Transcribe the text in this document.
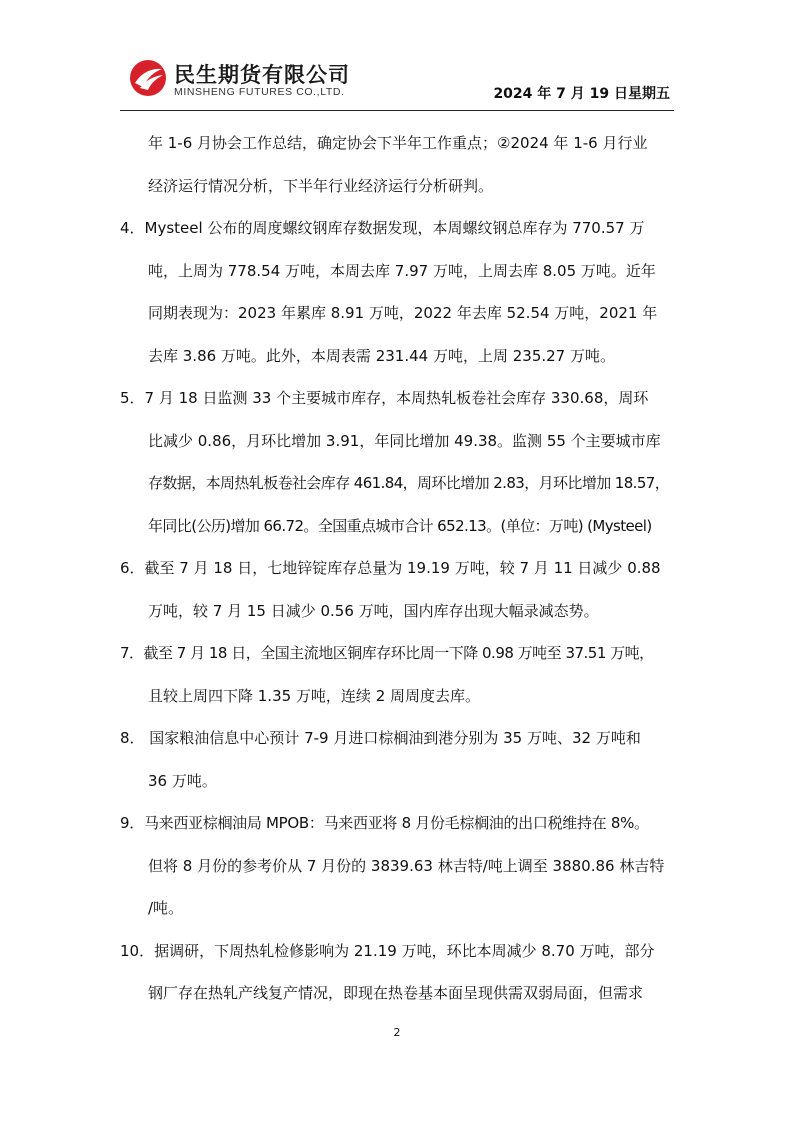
民生期货有限公司
MINSHENG FUTURES CO.,LTD.	2024 年 7 月 19 日星期五
年 1-6 月协会工作总结，确定协会下半年工作重点；②2024 年 1-6 月行业
经济运行情况分析，下半年行业经济运行分析研判。
4．Mysteel 公布的周度螺纹钢库存数据发现，本周螺纹钢总库存为 770.57 万
吨，上周为 778.54 万吨，本周去库 7.97 万吨，上周去库 8.05 万吨。近年
同期表现为：2023 年累库 8.91 万吨，2022 年去库 52.54 万吨，2021 年
去库 3.86 万吨。此外，本周表需 231.44 万吨，上周 235.27 万吨。
5．7 月 18 日监测 33 个主要城市库存，本周热轧板卷社会库存 330.68，周环
比减少 0.86，月环比增加 3.91，年同比增加 49.38。监测 55 个主要城市库
存数据，本周热轧板卷社会库存 461.84，周环比增加 2.83，月环比增加 18.57，
年同比(公历)增加 66.72。全国重点城市合计 652.13。(单位：万吨) (Mysteel)
6．截至 7 月 18 日，七地锌锭库存总量为 19.19 万吨，较 7 月 11 日减少 0.88
万吨，较 7 月 15 日减少 0.56 万吨，国内库存出现大幅录减态势。
7．截至 7 月 18 日，全国主流地区铜库存环比周一下降 0.98 万吨至 37.51 万吨，
且较上周四下降 1.35 万吨，连续 2 周周度去库。
8． 国家粮油信息中心预计 7-9 月进口棕榈油到港分别为 35 万吨、32 万吨和
36 万吨。
9．马来西亚棕榈油局 MPOB：马来西亚将 8 月份毛棕榈油的出口税维持在 8%。
但将 8 月份的参考价从 7 月份的 3839.63 林吉特/吨上调至 3880.86 林吉特
/吨。
10．据调研，下周热轧检修影响为 21.19 万吨，环比本周减少 8.70 万吨，部分
钢厂存在热轧产线复产情况，即现在热卷基本面呈现供需双弱局面，但需求
2
